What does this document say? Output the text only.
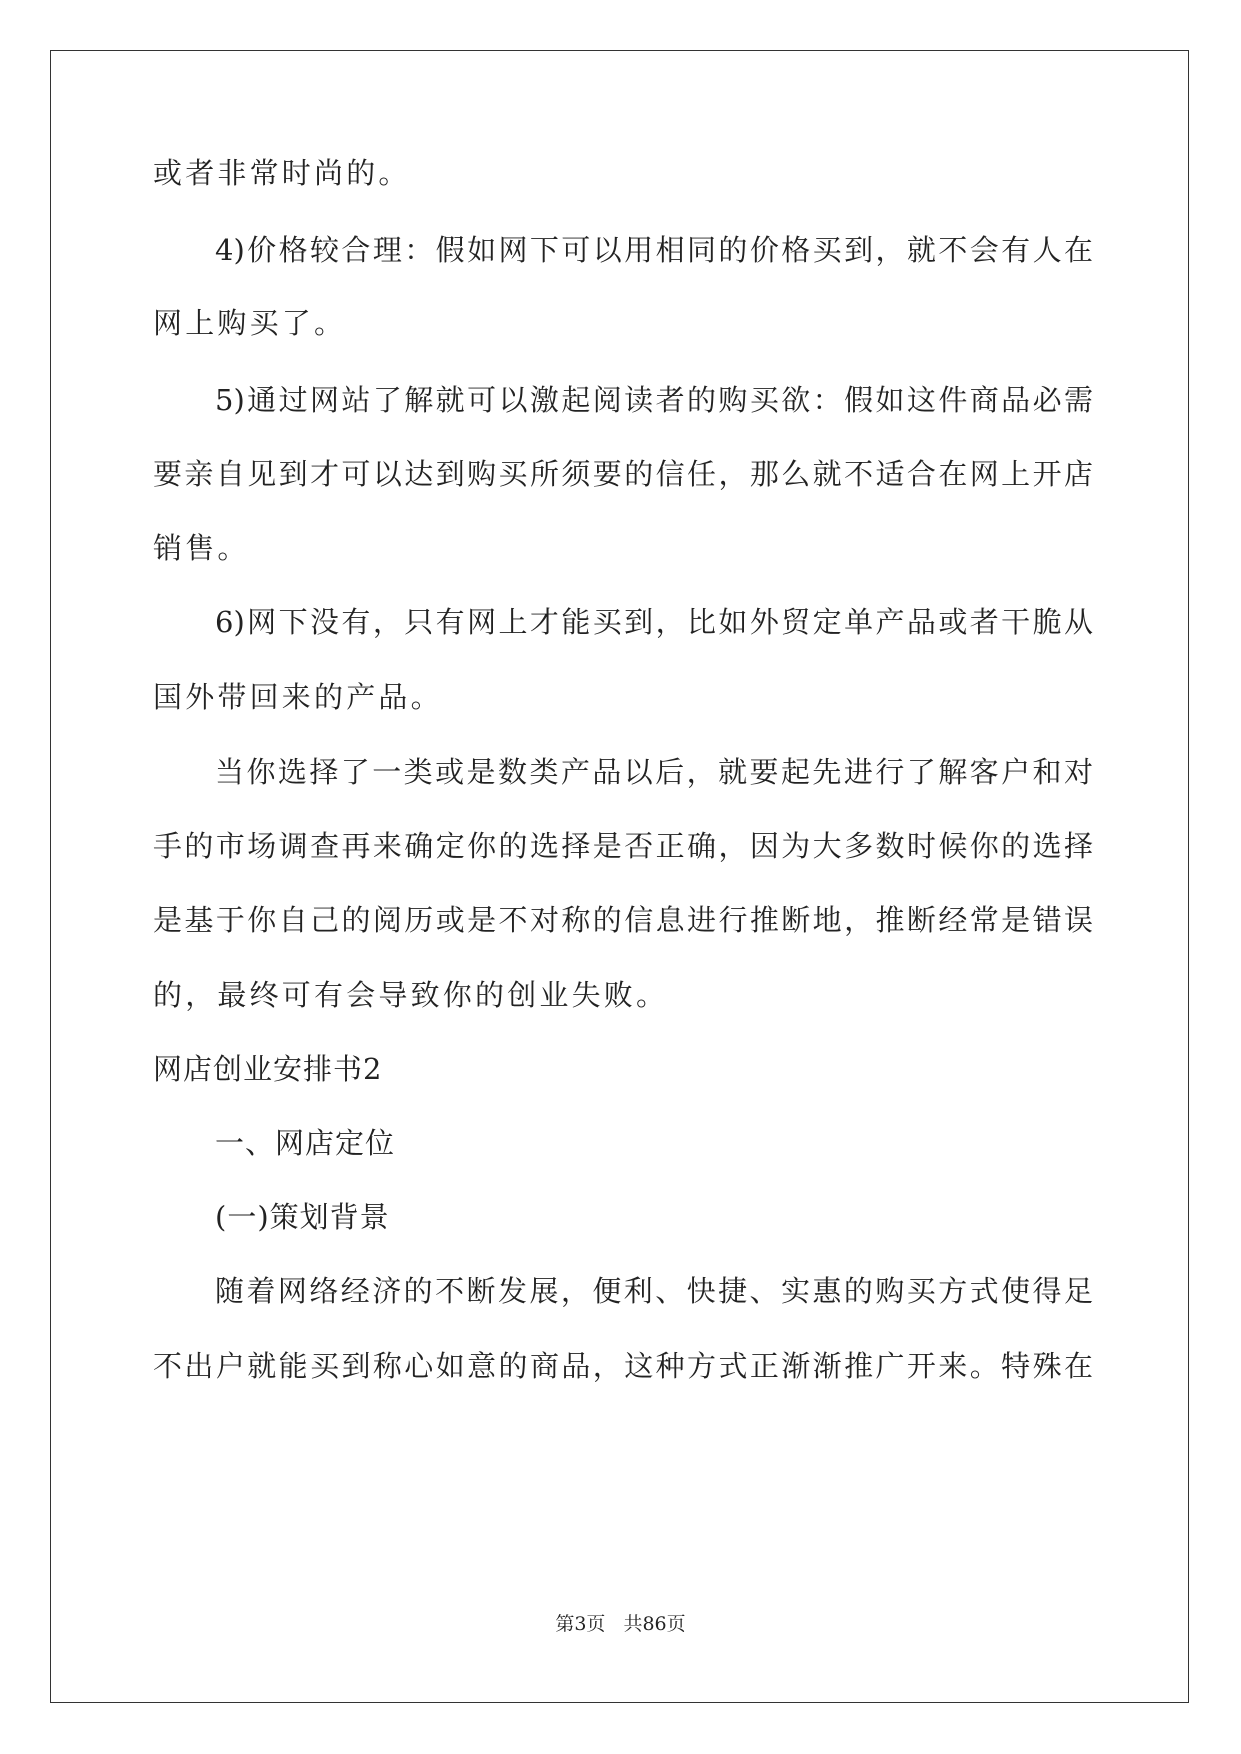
或者非常时尚的。
4)价格较合理：假如网下可以用相同的价格买到，就不会有人在
网上购买了。
5)通过网站了解就可以激起阅读者的购买欲：假如这件商品必需
要亲自见到才可以达到购买所须要的信任，那么就不适合在网上开店
销售。
6)网下没有，只有网上才能买到，比如外贸定单产品或者干脆从
国外带回来的产品。
当你选择了一类或是数类产品以后，就要起先进行了解客户和对
手的市场调查再来确定你的选择是否正确，因为大多数时候你的选择
是基于你自己的阅历或是不对称的信息进行推断地，推断经常是错误
的，最终可有会导致你的创业失败。
网店创业安排书2
一、网店定位
(一)策划背景
随着网络经济的不断发展，便利、快捷、实惠的购买方式使得足
不出户就能买到称心如意的商品，这种方式正渐渐推广开来。特殊在
第3页 共86页
